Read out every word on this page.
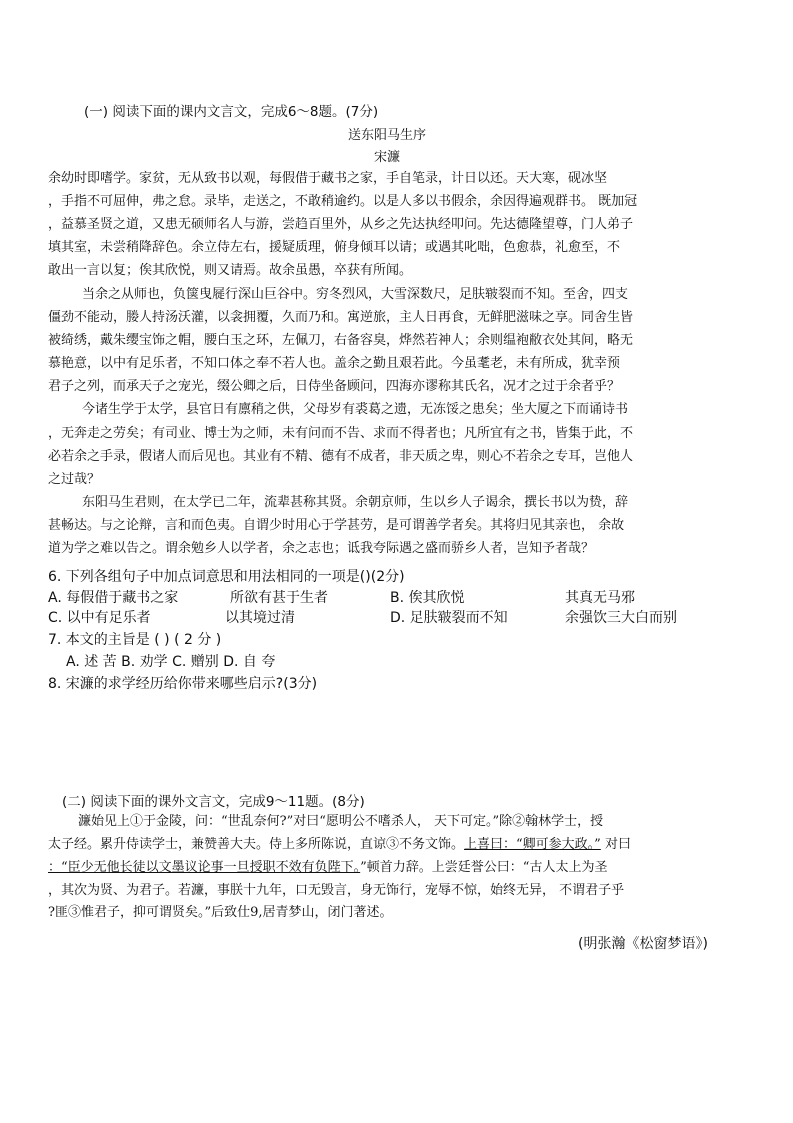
(一) 阅读下面的课内文言文，完成6～8题。(7分)
送东阳马生序
宋濂
余幼时即嗜学。家贫，无从致书以观，每假借于藏书之家，手自笔录，计日以还。天大寒，砚冰坚
，手指不可屈伸，弗之怠。录毕，走送之，不敢稍逾约。以是人多以书假余，余因得遍观群书。 既加冠
，益慕圣贤之道，又患无硕师名人与游，尝趋百里外，从乡之先达执经叩问。先达德隆望尊，门人弟子
填其室，未尝稍降辞色。余立侍左右，援疑质理，俯身倾耳以请；或遇其叱咄，色愈恭，礼愈至，不
敢出一言以复；俟其欣悦，则又请焉。故余虽愚，卒获有所闻。
当余之从师也，负箧曳屣行深山巨谷中。穷冬烈风，大雪深数尺，足肤皲裂而不知。至舍，四支
僵劲不能动，媵人持汤沃灌，以衾拥覆，久而乃和。寓逆旅，主人日再食，无鲜肥滋味之享。同舍生皆
被绮绣，戴朱缨宝饰之帽，腰白玉之环，左佩刀，右备容臭，烨然若神人；余则缊袍敝衣处其间，略无
慕艳意，以中有足乐者，不知口体之奉不若人也。盖余之勤且艰若此。今虽耄老，未有所成，犹幸预
君子之列，而承天子之宠光，缀公卿之后，日侍坐备顾问，四海亦谬称其氏名，况才之过于余者乎？
今诸生学于太学，县官日有廪稍之供，父母岁有裘葛之遗，无冻馁之患矣；坐大厦之下而诵诗书
，无奔走之劳矣；有司业、博士为之师，未有问而不告、求而不得者也；凡所宜有之书，皆集于此，不
必若余之手录，假诸人而后见也。其业有不精、德有不成者，非天质之卑，则心不若余之专耳，岂他人
之过哉？
东阳马生君则，在太学已二年，流辈甚称其贤。余朝京师，生以乡人子谒余，撰长书以为贽，辞
甚畅达。与之论辩，言和而色夷。自谓少时用心于学甚劳，是可谓善学者矣。其将归见其亲也， 余故
道为学之难以告之。谓余勉乡人以学者，余之志也；诋我夸际遇之盛而骄乡人者，岂知予者哉？
6. 下列各组句子中加点词意思和用法相同的一项是()(2分)
A. 每假借于藏书之家	所欲有甚于生者	B. 俟其欣悦	其真无马邪
C. 以中有足乐者	以其境过清	D. 足肤皲裂而不知	余强饮三大白而别
7. 本文的主旨是 ( ) ( 2 分 )
A. 述 苦 B. 劝学 C. 赠别 D. 自 夸
8. 宋濂的求学经历给你带来哪些启示?(3分)
(二) 阅读下面的课外文言文，完成9～11题。(8分)
濂始见上①于金陵，问：“世乱奈何?”对曰“愿明公不嗜杀人， 天下可定。”除②翰林学士，授
太子经。累升侍读学士，兼赞善大夫。侍上多所陈说，直谅③不务文饰。上喜曰：“卿可参大政。” 对曰
：“臣少无他长徒以文墨议论事一旦授职不效有负陛下。”顿首力辞。上尝廷誉公曰：“古人太上为圣
，其次为贤、为君子。若濂，事朕十九年，口无毁言，身无饰行，宠辱不惊，始终无异， 不谓君子乎
?匪③惟君子，抑可谓贤矣。”后致仕9,居青梦山，闭门著述。
(明张瀚《松窗梦语》)
